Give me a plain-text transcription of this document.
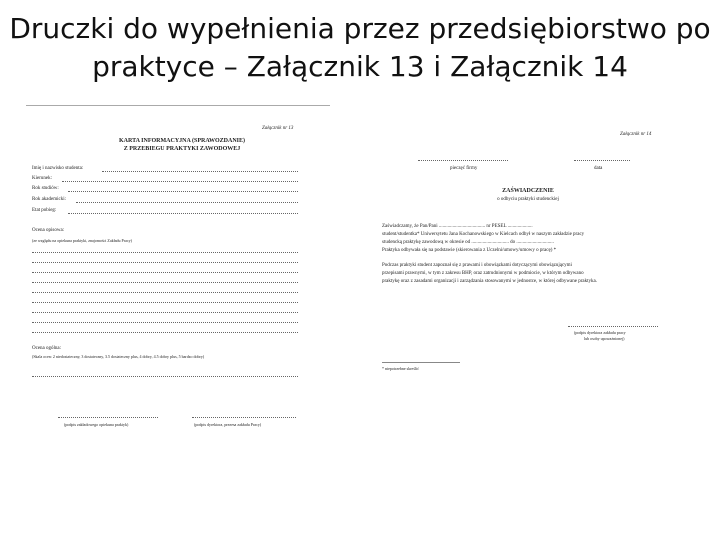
Druczki do wypełnienia przez przedsiębiorstwo po
praktyce – Załącznik 13 i Załącznik 14
Załącznik nr 13
KARTA INFORMACYJNA (SPRAWOZDANIE)
Z PRZEBIEGU PRAKTYKI ZAWODOWEJ
Imię i nazwisko studenta:
Kierunek:
Rok studiów:
Rok akademicki:
Etat pobieg:
Ocena opisowa:
(ze względu na opiekuna praktyki, znajomości Zakładu Pracy)
Ocena ogólna:
(Skala ocen: 2 niedostateczny, 3 dostateczny, 3.5 dostateczny plus, 4 dobry, 4.5 dobry plus, 5 bardzo dobry)
(podpis zakładowego opiekuna praktyk)	(podpis dyrektora, prezesa zakładu Pracy)
Załącznik nr 14
pieczęć firmy	data
ZAŚWIADCZENIE
o odbyciu praktyki studenckiej
Zaświadczamy, że Pan/Pani ..................................... nr PESEL ....................
student/studentka* Uniwersytetu Jana Kochanowskiego w Kielcach odbył w naszym zakładzie pracy
studencką praktykę zawodową w okresie od .............................. do ..............................
Praktyka odbywała się na podstawie (skierowania z Uczelni/umowy/umowy o pracę) *
Podczas praktyki student zapoznał się z prawami i obowiązkami dotyczącymi obowiązującymi
przepisami prawnymi, w tym z zakresu BHP, oraz zatrudnionymi w podmiocie, w którym odbywano
praktykę oraz z zasadami organizacji i zarządzania stosowanymi w jednostce, w której odbywane praktyka.
(podpis dyrektora zakładu pracy
lub osoby upoważnionej)
* niepotrzebne skreślić
